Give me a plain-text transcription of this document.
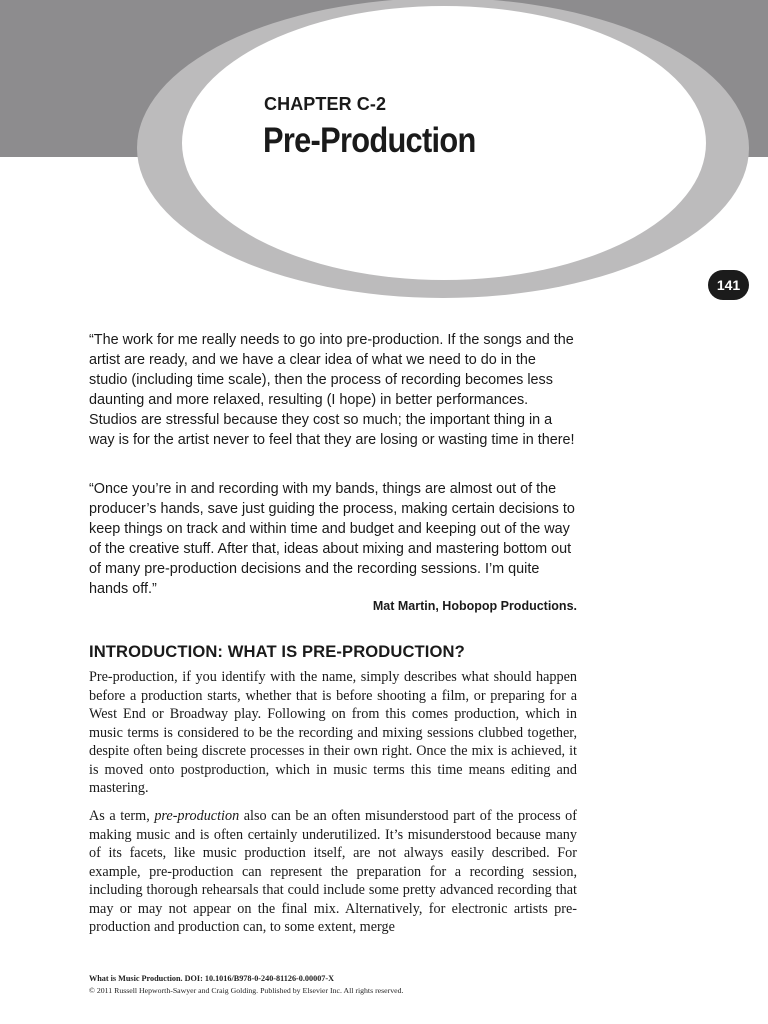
CHAPTER C-2
Pre-Production
141

“The work for me really needs to go into pre-production. If the songs and the artist are ready, and we have a clear idea of what we need to do in the studio (including time scale), then the process of recording becomes less daunting and more relaxed, resulting (I hope) in better performances. Studios are stressful because they cost so much; the important thing in a way is for the artist never to feel that they are losing or wasting time in there!

“Once you’re in and recording with my bands, things are almost out of the producer’s hands, save just guiding the process, making certain decisions to keep things on track and within time and budget and keeping out of the way of the creative stuff. After that, ideas about mixing and mastering bottom out of many pre-production decisions and the recording sessions. I’m quite hands off.”

Mat Martin, Hobopop Productions.
INTRODUCTION: WHAT IS PRE-PRODUCTION?

Pre-production, if you identify with the name, simply describes what should happen before a production starts, whether that is before shooting a film, or preparing for a West End or Broadway play. Following on from this comes production, which in music terms is considered to be the recording and mixing sessions clubbed together, despite often being discrete processes in their own right. Once the mix is achieved, it is moved onto postproduction, which in music terms this time means editing and mastering.

As a term, pre-production also can be an often misunderstood part of the process of making music and is often certainly underutilized. It’s misunderstood because many of its facets, like music production itself, are not always easily described. For example, pre-production can represent the preparation for a recording session, including thorough rehearsals that could include some pretty advanced recording that may or may not appear on the final mix. Alternatively, for electronic artists pre-production and production can, to some extent, merge

What is Music Production. DOI: 10.1016/B978-0-240-81126-0.00007-X
© 2011 Russell Hepworth-Sawyer and Craig Golding. Published by Elsevier Inc. All rights reserved.
